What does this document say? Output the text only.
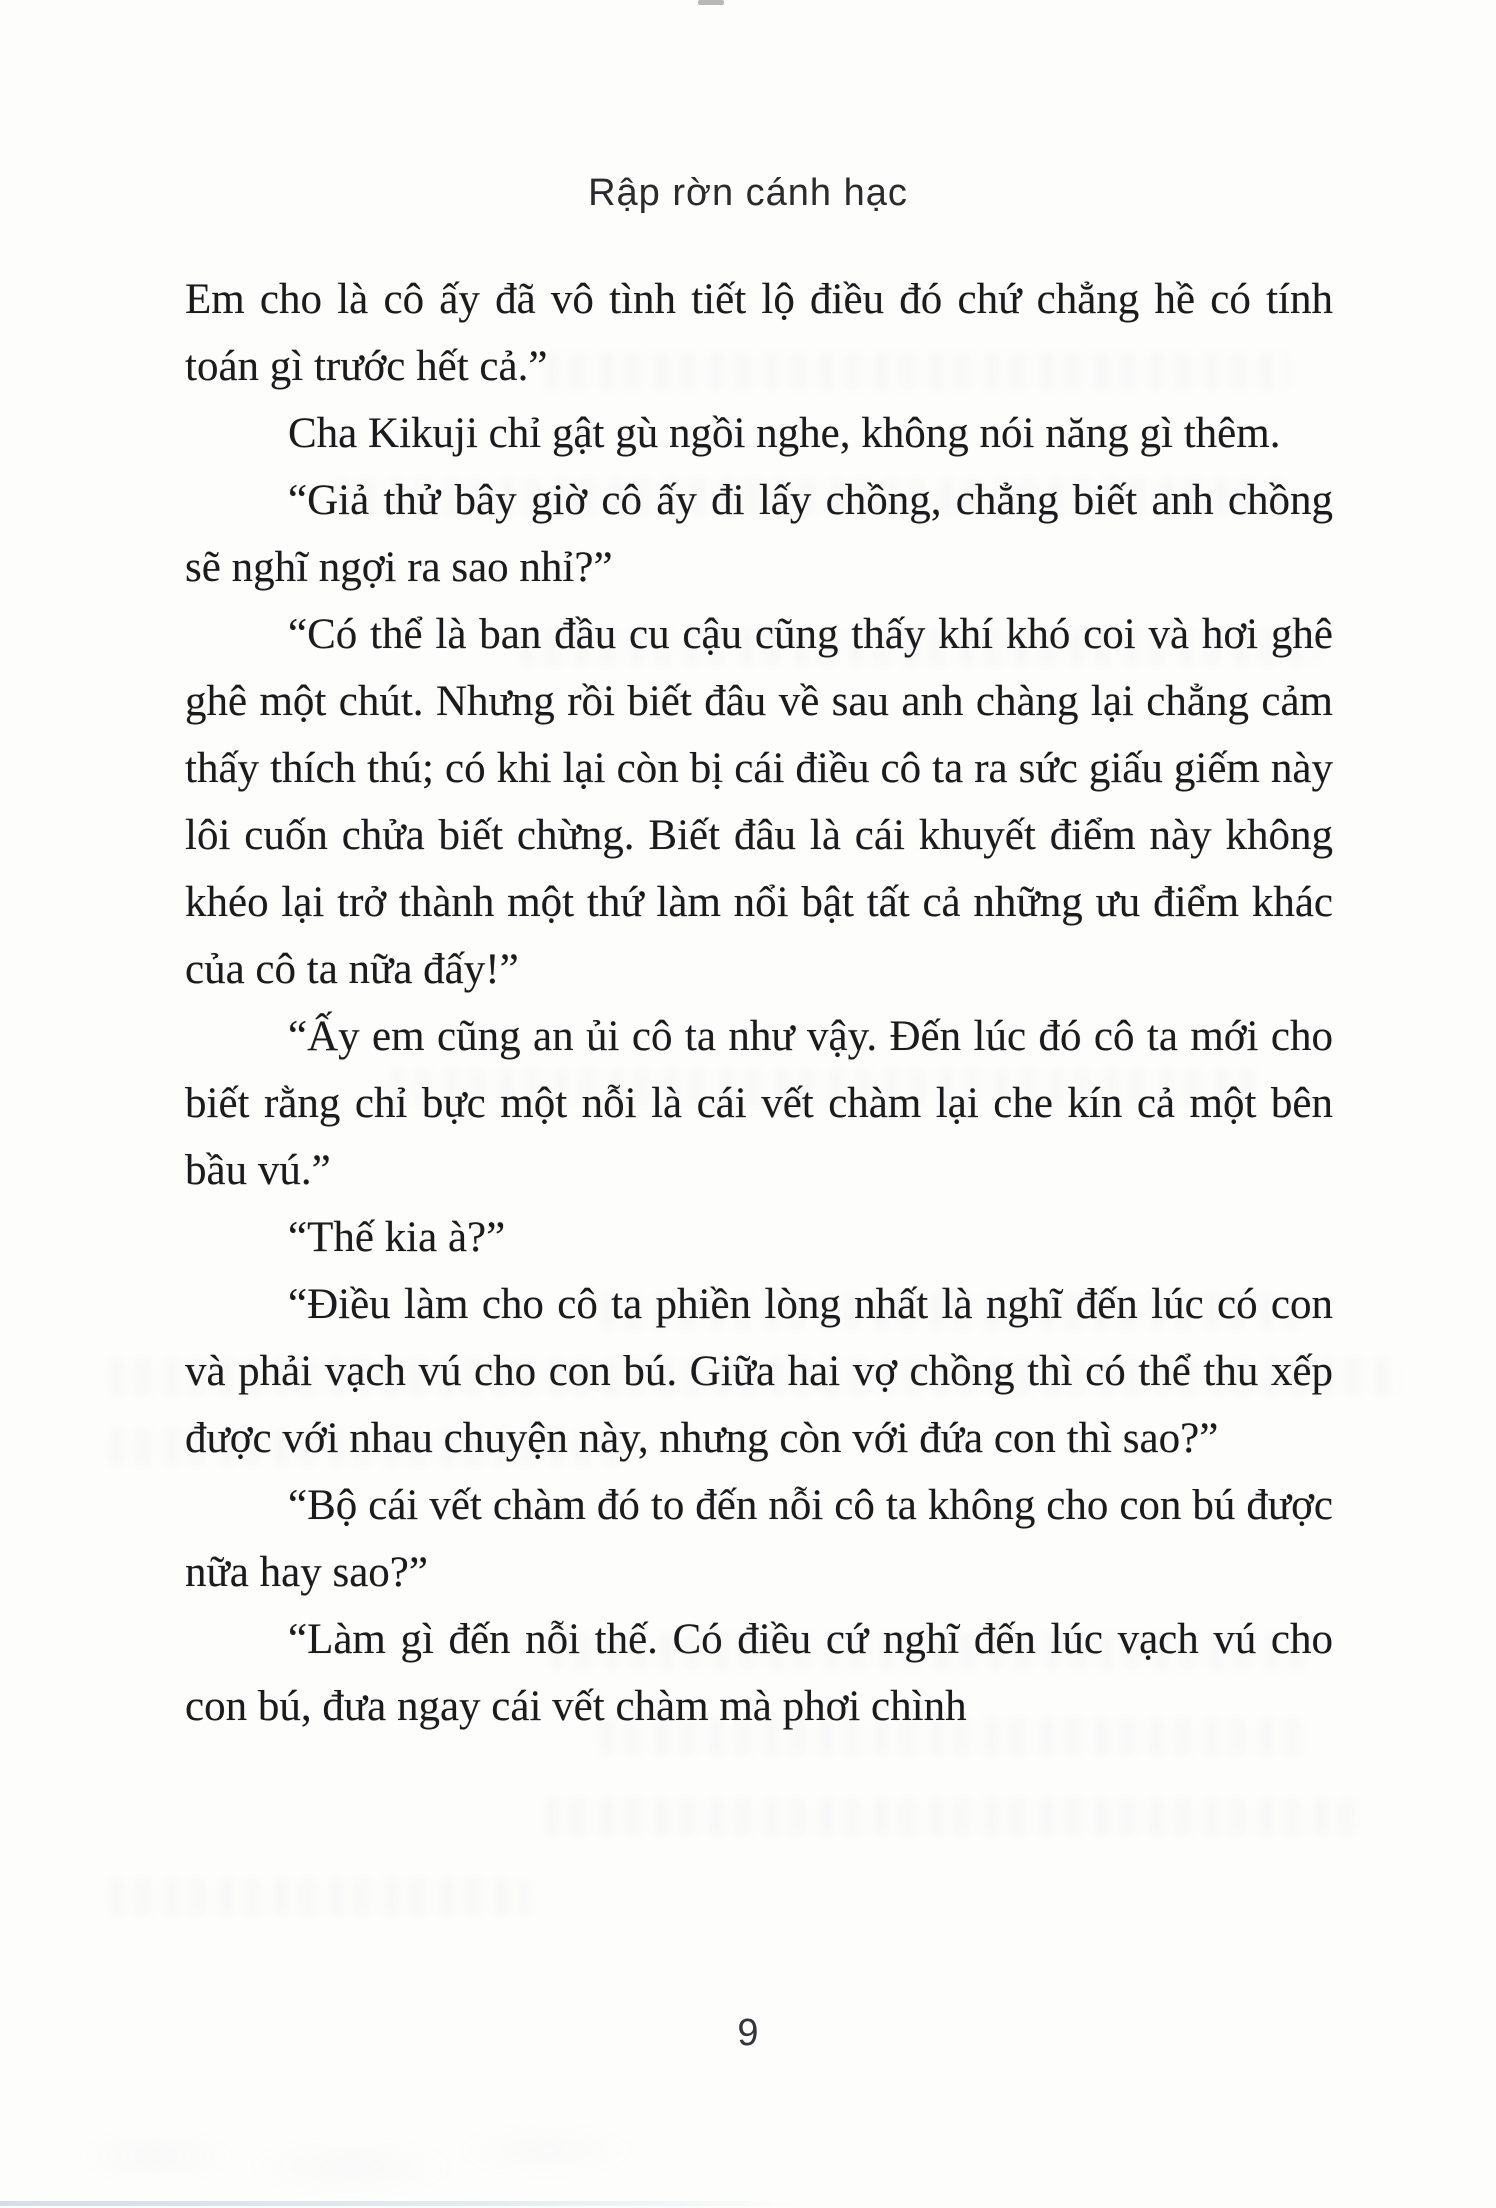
Rập rờn cánh hạc

Em cho là cô ấy đã vô tình tiết lộ điều đó chứ chẳng hề có tính toán gì trước hết cả.”

Cha Kikuji chỉ gật gù ngồi nghe, không nói năng gì thêm.

“Giả thử bây giờ cô ấy đi lấy chồng, chẳng biết anh chồng sẽ nghĩ ngợi ra sao nhỉ?”

“Có thể là ban đầu cu cậu cũng thấy khí khó coi và hơi ghê ghê một chút. Nhưng rồi biết đâu về sau anh chàng lại chẳng cảm thấy thích thú; có khi lại còn bị cái điều cô ta ra sức giấu giếm này lôi cuốn chửa biết chừng. Biết đâu là cái khuyết điểm này không khéo lại trở thành một thứ làm nổi bật tất cả những ưu điểm khác của cô ta nữa đấy!”

“Ấy em cũng an ủi cô ta như vậy. Đến lúc đó cô ta mới cho biết rằng chỉ bực một nỗi là cái vết chàm lại che kín cả một bên bầu vú.”

“Thế kia à?”

“Điều làm cho cô ta phiền lòng nhất là nghĩ đến lúc có con và phải vạch vú cho con bú. Giữa hai vợ chồng thì có thể thu xếp được với nhau chuyện này, nhưng còn với đứa con thì sao?”

“Bộ cái vết chàm đó to đến nỗi cô ta không cho con bú được nữa hay sao?”

“Làm gì đến nỗi thế. Có điều cứ nghĩ đến lúc vạch vú cho con bú, đưa ngay cái vết chàm mà phơi chình

9
